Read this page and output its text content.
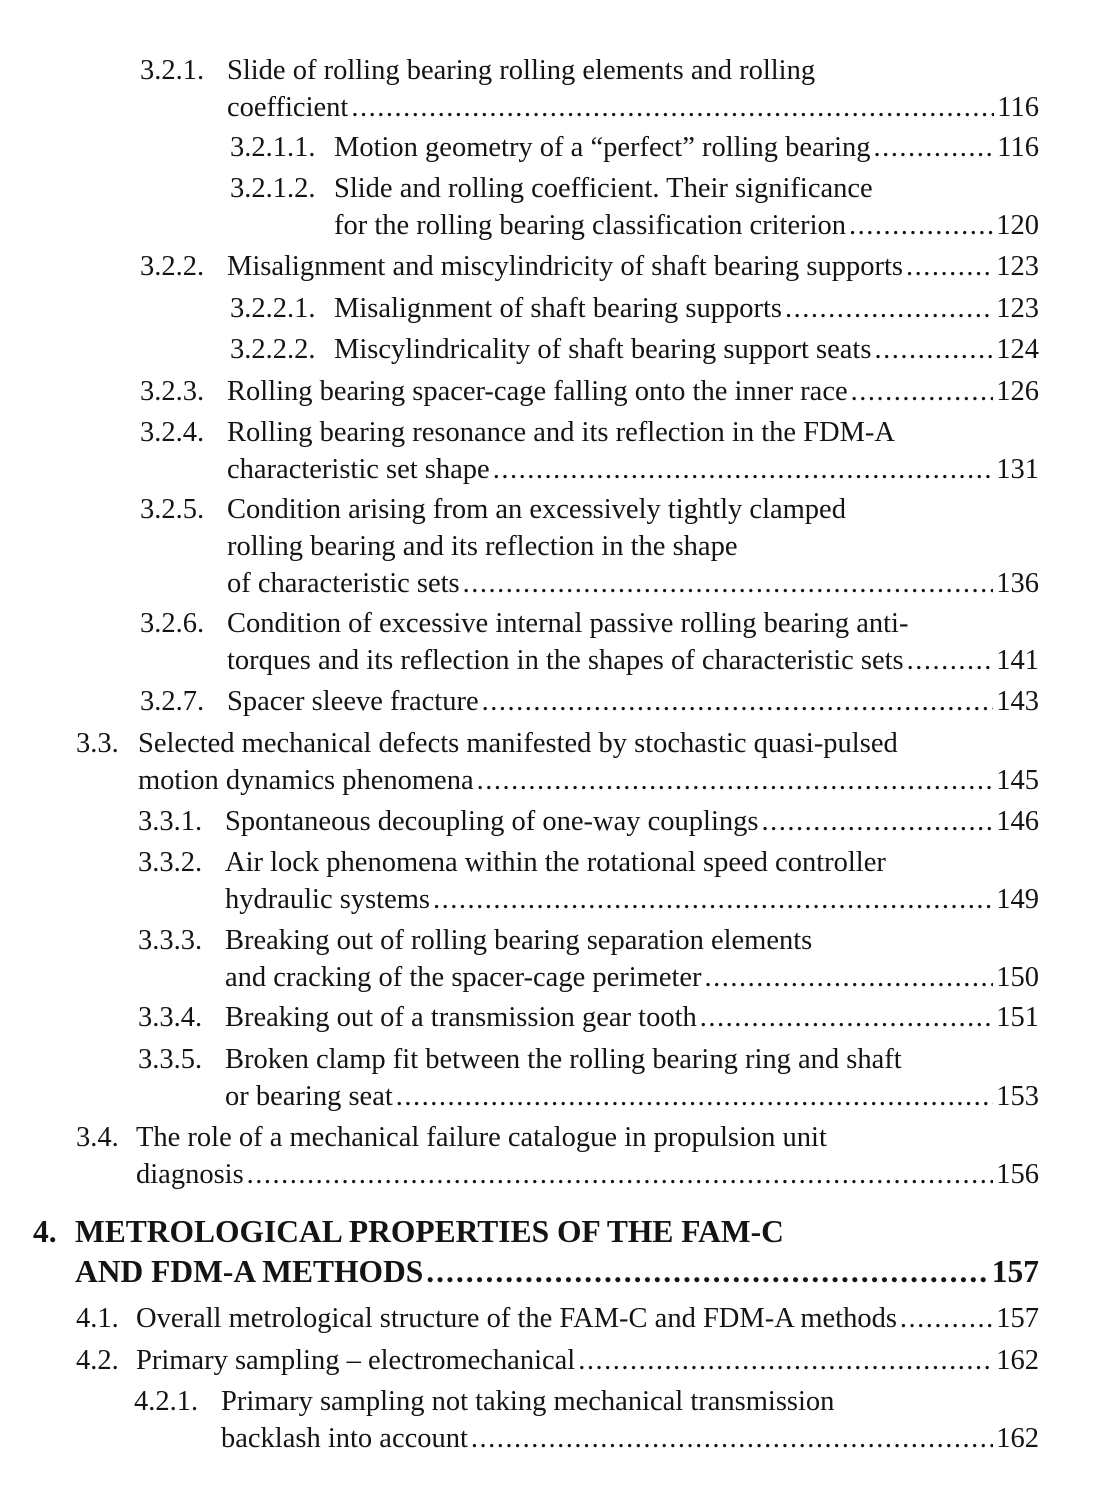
3.2.1. Slide of rolling bearing rolling elements and rolling
coefficient .....	116
3.2.1.1. Motion geometry of a “perfect” rolling bearing .....	116
3.2.1.2. Slide and rolling coefficient. Their significance
for the rolling bearing classification criterion .....	120
3.2.2. Misalignment and miscylindricity of shaft bearing supports .....	123
3.2.2.1. Misalignment of shaft bearing supports .....	123
3.2.2.2. Miscylindricality of shaft bearing support seats .....	124
3.2.3. Rolling bearing spacer-cage falling onto the inner race .....	126
3.2.4. Rolling bearing resonance and its reflection in the FDM-A
characteristic set shape .....	131
3.2.5. Condition arising from an excessively tightly clamped
rolling bearing and its reflection in the shape
of characteristic sets .....	136
3.2.6. Condition of excessive internal passive rolling bearing anti-
torques and its reflection in the shapes of characteristic sets .....	141
3.2.7. Spacer sleeve fracture .....	143
3.3. Selected mechanical defects manifested by stochastic quasi-pulsed
motion dynamics phenomena .....	145
3.3.1. Spontaneous decoupling of one-way couplings .....	146
3.3.2. Air lock phenomena within the rotational speed controller
hydraulic systems .....	149
3.3.3. Breaking out of rolling bearing separation elements
and cracking of the spacer-cage perimeter .....	150
3.3.4. Breaking out of a transmission gear tooth .....	151
3.3.5. Broken clamp fit between the rolling bearing ring and shaft
or bearing seat .....	153
3.4. The role of a mechanical failure catalogue in propulsion unit
diagnosis .....	156
4. METROLOGICAL PROPERTIES OF THE FAM-C
AND FDM-A METHODS .....	157
4.1. Overall metrological structure of the FAM-C and FDM-A methods .....	157
4.2. Primary sampling – electromechanical .....	162
4.2.1. Primary sampling not taking mechanical transmission
backlash into account .....	162
